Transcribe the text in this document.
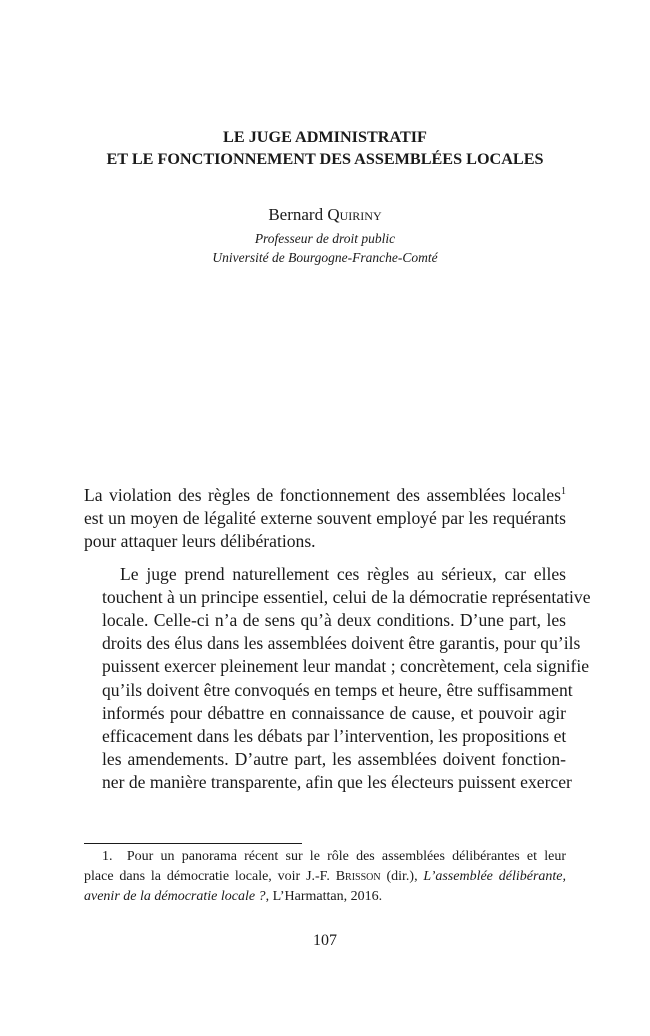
LE JUGE ADMINISTRATIF
ET LE FONCTIONNEMENT DES ASSEMBLÉES LOCALES
Bernard Quiriny
Professeur de droit public
Université de Bourgogne-Franche-Comté

La violation des règles de fonctionnement des assemblées locales$^1$
est un moyen de légalité externe souvent employé par les requérants
pour attaquer leurs délibérations.

Le juge prend naturellement ces règles au sérieux, car elles
touchent à un principe essentiel, celui de la démocratie représentative
locale. Celle-ci n’a de sens qu’à deux conditions. D’une part, les
droits des élus dans les assemblées doivent être garantis, pour qu’ils
puissent exercer pleinement leur mandat ; concrètement, cela signifie
qu’ils doivent être convoqués en temps et heure, être suffisamment
informés pour débattre en connaissance de cause, et pouvoir agir
efficacement dans les débats par l’intervention, les propositions et
les amendements. D’autre part, les assemblées doivent fonction-
ner de manière transparente, afin que les électeurs puissent exercer

1. Pour un panorama récent sur le rôle des assemblées délibérantes et leur
place dans la démocratie locale, voir J.-F. Brisson (dir.), L’assemblée délibérante,
avenir de la démocratie locale ?, L’Harmattan, 2016.
107
